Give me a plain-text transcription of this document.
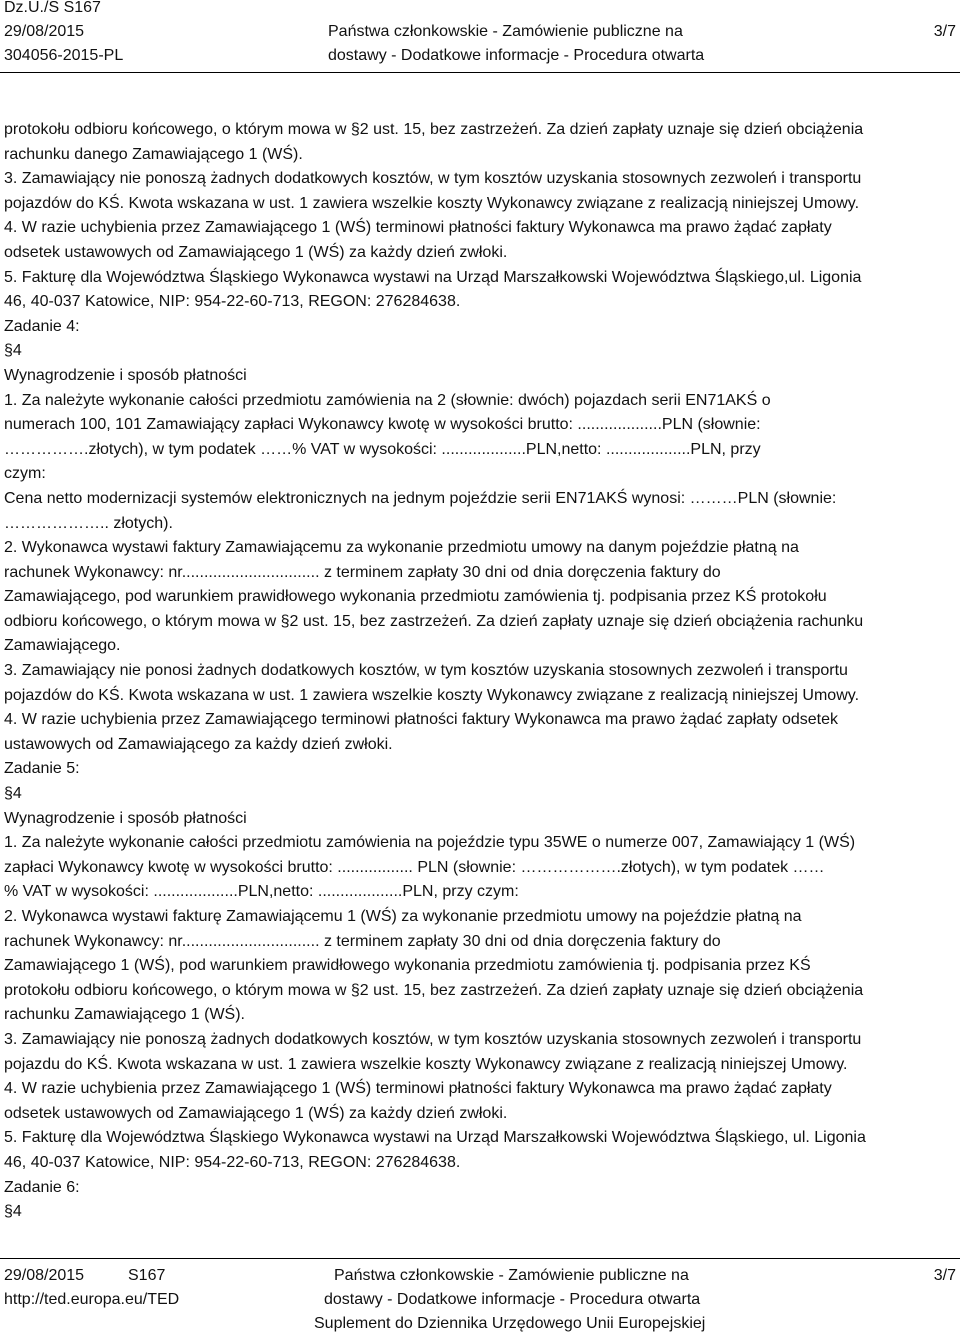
Dz.U./S S167
29/08/2015
304056-2015-PL
Państwa członkowskie - Zamówienie publiczne na
dostawy - Dodatkowe informacje - Procedura otwarta
3/7
protokołu odbioru końcowego, o którym mowa w §2 ust. 15, bez zastrzeżeń. Za dzień zapłaty uznaje się dzień obciążenia
rachunku danego Zamawiającego 1 (WŚ).
3. Zamawiający nie ponoszą żadnych dodatkowych kosztów, w tym kosztów uzyskania stosownych zezwoleń i transportu
pojazdów do KŚ. Kwota wskazana w ust. 1 zawiera wszelkie koszty Wykonawcy związane z realizacją niniejszej Umowy.
4. W razie uchybienia przez Zamawiającego 1 (WŚ) terminowi płatności faktury Wykonawca ma prawo żądać zapłaty
odsetek ustawowych od Zamawiającego 1 (WŚ) za każdy dzień zwłoki.
5. Fakturę dla Województwa Śląskiego Wykonawca wystawi na Urząd Marszałkowski Województwa Śląskiego,ul. Ligonia
46, 40-037 Katowice, NIP: 954-22-60-713, REGON: 276284638.
Zadanie 4:
§4
Wynagrodzenie i sposób płatności
1. Za należyte wykonanie całości przedmiotu zamówienia na 2 (słownie: dwóch) pojazdach serii EN71AKŚ o
numerach 100, 101 Zamawiający zapłaci Wykonawcy kwotę w wysokości brutto: ...................PLN (słownie:
…………….złotych), w tym podatek ……% VAT w wysokości: ...................PLN,netto: ...................PLN, przy
czym:
Cena netto modernizacji systemów elektronicznych na jednym pojeździe serii EN71AKŚ wynosi: ………PLN (słownie:
……………….. złotych).
2. Wykonawca wystawi faktury Zamawiającemu za wykonanie przedmiotu umowy na danym pojeździe płatną na
rachunek Wykonawcy: nr............................... z terminem zapłaty 30 dni od dnia doręczenia faktury do
Zamawiającego, pod warunkiem prawidłowego wykonania przedmiotu zamówienia tj. podpisania przez KŚ protokołu
odbioru końcowego, o którym mowa w §2 ust. 15, bez zastrzeżeń. Za dzień zapłaty uznaje się dzień obciążenia rachunku
Zamawiającego.
3. Zamawiający nie ponosi żadnych dodatkowych kosztów, w tym kosztów uzyskania stosownych zezwoleń i transportu
pojazdów do KŚ. Kwota wskazana w ust. 1 zawiera wszelkie koszty Wykonawcy związane z realizacją niniejszej Umowy.
4. W razie uchybienia przez Zamawiającego terminowi płatności faktury Wykonawca ma prawo żądać zapłaty odsetek
ustawowych od Zamawiającego za każdy dzień zwłoki.
Zadanie 5:
§4
Wynagrodzenie i sposób płatności
1. Za należyte wykonanie całości przedmiotu zamówienia na pojeździe typu 35WE o numerze 007, Zamawiający 1 (WŚ)
zapłaci Wykonawcy kwotę w wysokości brutto: ................. PLN (słownie: ……………….złotych), w tym podatek ……
% VAT w wysokości: ...................PLN,netto: ...................PLN, przy czym:
2. Wykonawca wystawi fakturę Zamawiającemu 1 (WŚ) za wykonanie przedmiotu umowy na pojeździe płatną na
rachunek Wykonawcy: nr............................... z terminem zapłaty 30 dni od dnia doręczenia faktury do
Zamawiającego 1 (WŚ), pod warunkiem prawidłowego wykonania przedmiotu zamówienia tj. podpisania przez KŚ
protokołu odbioru końcowego, o którym mowa w §2 ust. 15, bez zastrzeżeń. Za dzień zapłaty uznaje się dzień obciążenia
rachunku Zamawiającego 1 (WŚ).
3. Zamawiający nie ponoszą żadnych dodatkowych kosztów, w tym kosztów uzyskania stosownych zezwoleń i transportu
pojazdu do KŚ. Kwota wskazana w ust. 1 zawiera wszelkie koszty Wykonawcy związane z realizacją niniejszej Umowy.
4. W razie uchybienia przez Zamawiającego 1 (WŚ) terminowi płatności faktury Wykonawca ma prawo żądać zapłaty
odsetek ustawowych od Zamawiającego 1 (WŚ) za każdy dzień zwłoki.
5. Fakturę dla Województwa Śląskiego Wykonawca wystawi na Urząd Marszałkowski Województwa Śląskiego, ul. Ligonia
46, 40-037 Katowice, NIP: 954-22-60-713, REGON: 276284638.
Zadanie 6:
§4
29/08/2015	S167
http://ted.europa.eu/TED
Państwa członkowskie - Zamówienie publiczne na
dostawy - Dodatkowe informacje - Procedura otwarta
Suplement do Dziennika Urzędowego Unii Europejskiej
3/7
